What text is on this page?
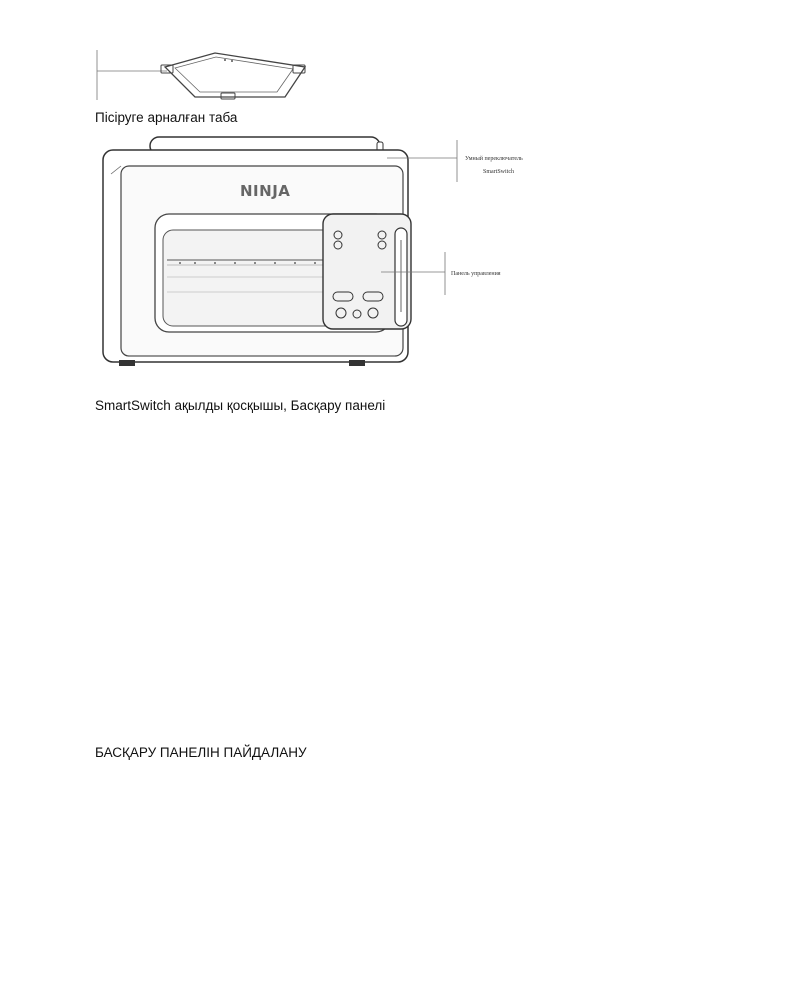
Пісіруге арналған таба
NINJA
Умный переключатель
SmartSwitch
Панель управления
SmartSwitch ақылды қосқышы, Басқару панелі
БАСҚАРУ ПАНЕЛІН ПАЙДАЛАНУ
